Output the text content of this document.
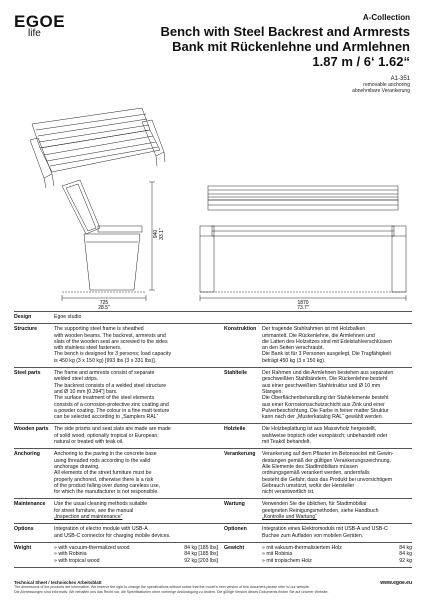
EGOE
life
A-Collection
Bench with Steel Backrest and Armrests
Bank mit Rückenlehne und Armlehnen
1.87 m / 6‘ 1.62“
A1-351
removable anchoring
abnehmbare Verankerung
940 33.1"
725
28.5"
1870
73.7"
Design	Egoe studio
Structure	The supporting steel frame is sheathed
with wooden beams. The backrest, armrests and
slats of the wooden seat are screwed to the sides
with stainless steel fasteners.
The bench is designed for 3 persons; load capacity
is 450 kg (3 x 150 kg) [993 lbs (3 x 331 lbs)].
Konstruktion	Der tragende Stahlrahmen ist mit Holzbalken
ummantelt. Die Rückenlehne, die Armlehnen und
die Latten des Holzsitzes sind mit Edelstahlverschlüssen
an den Seiten verschraubt.
Die Bank ist für 3 Personen ausgelegt, Die Tragfähigkeit
beträgt 450 kg (3 x 150 kg).
Steel parts	The frame and armrests consist of separate
welded steel strips.
The backrest consists of a welded steel structure
and Ø 10 mm [0.394"] bars.
The surface treatment of the steel elements
consists of a corrosion-protective zinc coating and
a powder coating. The colour in a fine matt texture
can be selected according to „Samplers RAL“
Stahlteile	Der Rahmen und die Armlehnen bestehen aus separaten
geschweißten Stahlbändern. Die Rückenlehne besteht
aus einer geschweißten Stahlstruktur und Ø 10 mm
Stangen.
Die Oberflächenbehandlung der Stahlelemente besteht
aus einer Korrosionsschutzschicht aus Zink und einer
Pulverbeschichtung. Die Farbe in feiner matter Struktur
kann nach der „Musterkatalog RAL“ gewählt werden.
Wooden parts	The side prisms and seat slats are made are made
of solid wood, optionally tropical or European;
natural or treated with teak oil.
Holzteile	Die Holzbeplattung ist aus Massivholz hergestellt,
wahlweise tropisch oder europäisch; unbehandelt oder
mit Teaköl behandelt.
Anchoring	Anchoring to the paving in the concrete base
using threaded rods according to the valid
anchorage drawing.
All elements of the street furniture must be
properly anchored, otherwise there is a risk
of the product falling over during careless use,
for which the manufacturer is not responsible.
Verankerung	Verankerung auf dem Pflaster im Betonsockel mit Gewin-
destangen gemäß der gültigen Verankerungszeichnung.
Alle Elemente des Stadtmöbiliars müssen
ordnungsgemäß verankert werden, andernfalls
besteht die Gefahr, dass das Produkt bei unvorsichtigem
Gebrauch umstürzt, wofür der Hersteller
nicht verantwortlich ist.
Maintenance	Use the usual cleaning methods suitable
for street furniture, see the manual
„Inspection and maintenance“
Wartung	Verwenden Sie die üblichen, für Stadtmöbiliar
geeigneten Reinigungsmethoden, siehe Handbuch
„Kontrolle und Wartung“
Options	Integration of electro module with USB-A
and USB-C connector for charging mobile devices.
Optionen	Integration eines Elektromoduls mit USB-A und USB-C
Buchse zum Aufladen von mobilen Geräten.
Weight	» with vacuum-thermalized wood	84 kg [185 lbs]
» with Robinia	84 kg [185 lbs]
» with tropical wood	92 kg [203 lbs]
Gewicht	» mit vakuum-thermalisiertem Holz	84 kg
» mit Robinia	84 kg
» mit tropischem Holz	92 kg
Technical Sheet / technisches Arbeitsblatt
The dimensions of the products are informative. We reserve the right to change the specifications without notice that the model's next version of this document please refer to our website.
Die Abmessungen sind informativ. Wir behalten uns das Recht vor, die Spezifikationen ohne vorherige Ankündigung zu ändern. Die gültige Version dieses Dokuments finden Sie auf unserer Website.
www.egoe.eu
